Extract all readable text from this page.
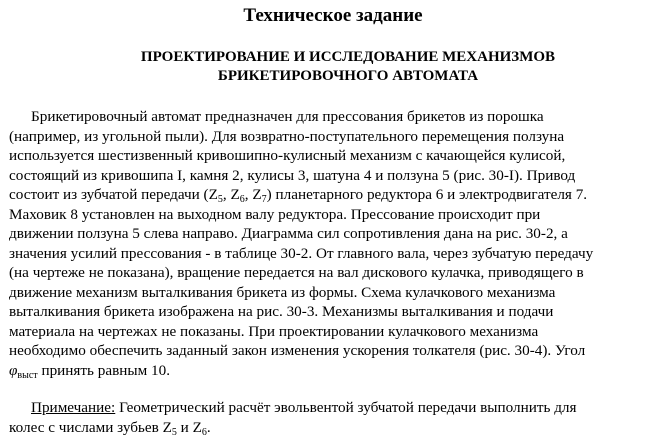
Техническое задание
ПРОЕКТИРОВАНИЕ И ИССЛЕДОВАНИЕ МЕХАНИЗМОВ
БРИКЕТИРОВОЧНОГО АВТОМАТА
Брикетировочный автомат предназначен для прессования брикетов из порошка
(например, из угольной пыли). Для возвратно-поступательного перемещения ползуна
используется шестизвенный кривошипно-кулисный механизм с качающейся кулисой,
состоящий из кривошипа I, камня 2, кулисы 3, шатуна 4 и ползуна 5 (рис. 30-I). Привод
состоит из зубчатой передачи ($Z_5$, $Z_6$, $Z_7$) планетарного редуктора 6 и электродвигателя 7.
Маховик 8 установлен на выходном валу редуктора. Прессование происходит при
движении ползуна 5 слева направо. Диаграмма сил сопротивления дана на рис. 30-2, а
значения усилий прессования - в таблице 30-2. От главного вала, через зубчатую передачу
(на чертеже не показана), вращение передается на вал дискового кулачка, приводящего в
движение механизм выталкивания брикета из формы. Схема кулачкового механизма
выталкивания брикета изображена на рис. 30-3. Механизмы выталкивания и подачи
материала на чертежах не показаны. При проектировании кулачкового механизма
необходимо обеспечить заданный закон изменения ускорения толкателя (рис. 30-4). Угол
$\varphi_{выст}$ принять равным 10.
Примечание: Геометрический расчёт эвольвентой зубчатой передачи выполнить для
колес с числами зубьев $Z_5$ и $Z_6$.
